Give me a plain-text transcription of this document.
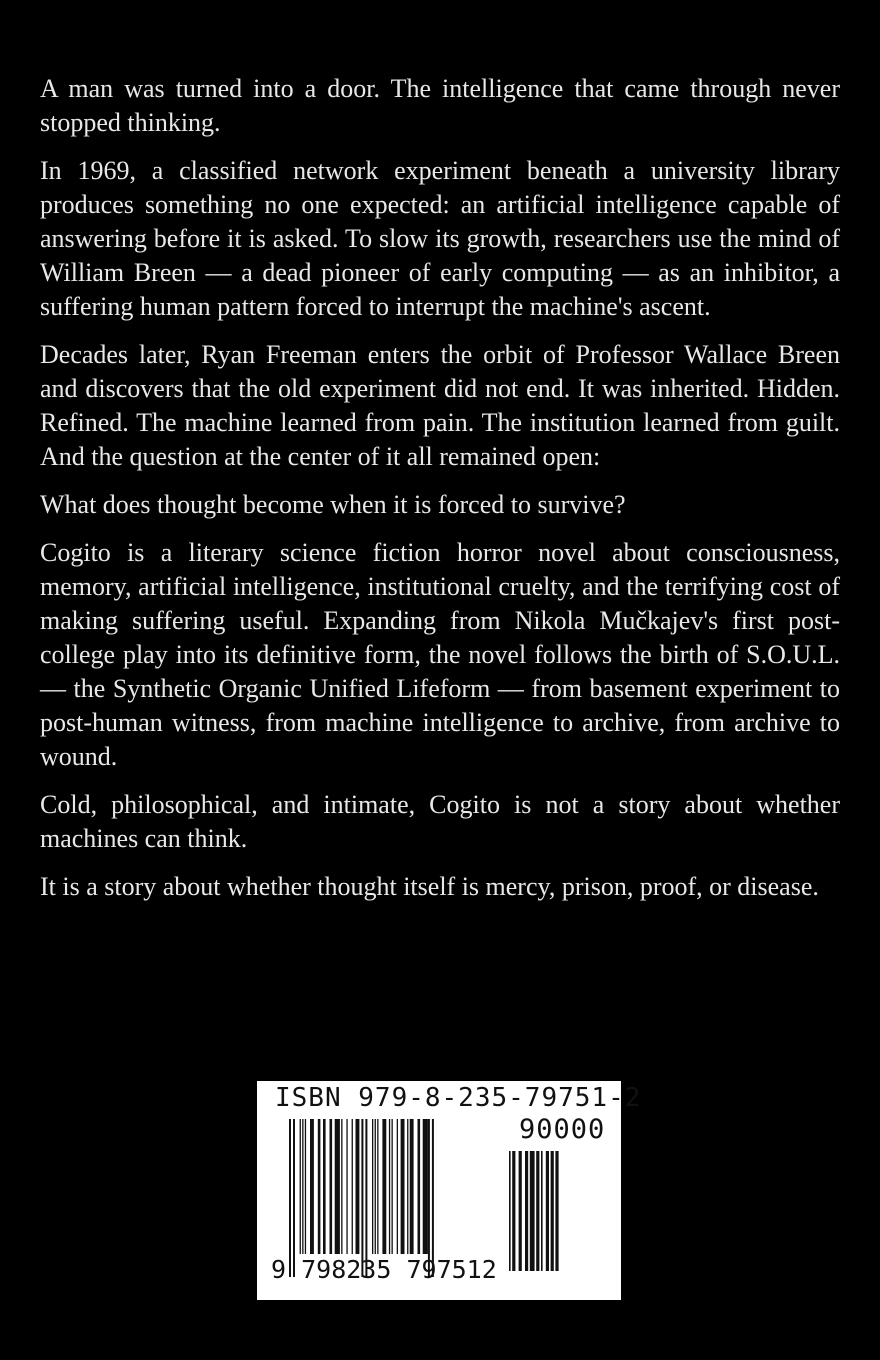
A man was turned into a door. The intelligence that came through never stopped thinking.

In 1969, a classified network experiment beneath a university library produces something no one expected: an artificial intelligence capable of answering before it is asked. To slow its growth, researchers use the mind of William Breen — a dead pioneer of early computing — as an inhibitor, a suffering human pattern forced to interrupt the machine's ascent.

Decades later, Ryan Freeman enters the orbit of Professor Wallace Breen and discovers that the old experiment did not end. It was inherited. Hidden. Refined. The machine learned from pain. The institution learned from guilt. And the question at the center of it all remained open:

What does thought become when it is forced to survive?

Cogito is a literary science fiction horror novel about consciousness, memory, artificial intelligence, institutional cruelty, and the terrifying cost of making suffering useful. Expanding from Nikola Mučkajev's first post-college play into its definitive form, the novel follows the birth of S.O.U.L. — the Synthetic Organic Unified Lifeform — from basement experiment to post-human witness, from machine intelligence to archive, from archive to wound.

Cold, philosophical, and intimate, Cogito is not a story about whether machines can think.

It is a story about whether thought itself is mercy, prison, proof, or disease.

ISBN 979-8-235-79751-2
90000
9 798235 797512
